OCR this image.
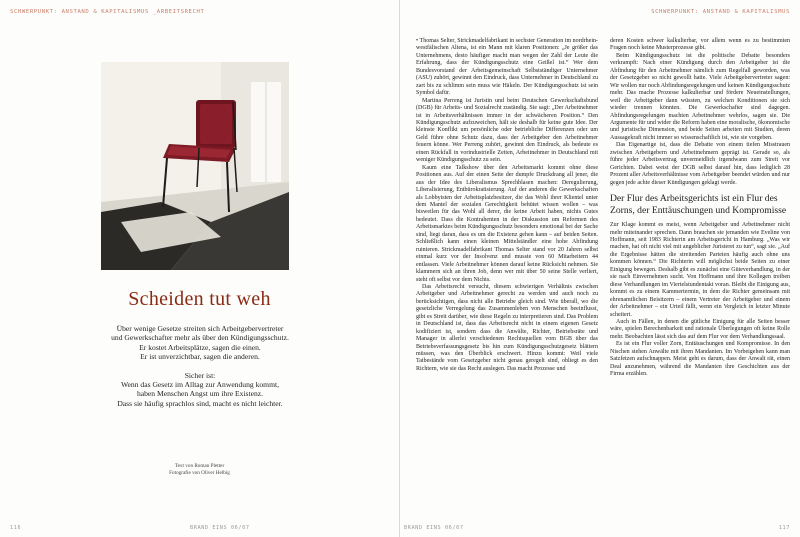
SCHWERPUNKT: ANSTAND & KAPITALISMUS _ARBEITSRECHT
Scheiden tut weh

Über wenige Gesetze streiten sich Arbeitgebervertreter

und Gewerkschafter mehr als über den Kündigungsschutz.

Er kostet Arbeitsplätze, sagen die einen.

Er ist unverzichtbar, sagen die anderen.

Sicher ist:

Wenn das Gesetz im Alltag zur Anwendung kommt,

haben Menschen Angst um ihre Existenz.

Dass sie häufig sprachlos sind, macht es nicht leichter.

Text von Roman Pletter
Fotografie von Oliver Helbig
116	BRAND EINS 06/07
SCHWERPUNKT: ANSTAND & KAPITALISMUS

• Thomas Selter, Strickmadelfabrikant in sechster Generation im nordrhein-westfälischen Altena, ist ein Mann mit klaren Positionen: „Je größer das Unternehmens, desto häufiger macht man wegen der Zahl der Leute die Erfahrung, dass der Kündigungsschutz eine Geißel ist.“ Wer dem Bundesvorstand der Arbeitsgemeinschaft Selbstständiger Unternehmer (ASU) zuhört, gewinnt den Eindruck, dass Unternehmer in Deutschland zu zart bis zu schlimm sein muss wie Häkeln. Der Kündigungsschutz ist sein Symbol dafür.

Martina Perreng ist Juristin und beim Deutschen Gewerkschaftsbund (DGB) für Arbeits- und Sozialrecht zuständig. Sie sagt: „Der Arbeitnehmer ist in Arbeitsverhältnissen immer in der schwächeren Position.“ Den Kündigungsschutz aufzuweichen, hält sie deshalb für keine gute Idee. Der kleinste Konflikt um persönliche oder betriebliche Differenzen oder um Geld führe ohne Schutz dazu, dass der Arbeitgeber den Arbeitnehmer feuern könne. Wer Perreng zuhört, gewinnt den Eindruck, als bedeute es einen Rückfall in vorindustrielle Zeiten, Arbeitnehmer in Deutschland mit weniger Kündigungsschutz zu sein.

Kaum eine Talkshow über den Arbeitsmarkt kommt ohne diese Positionen aus. Auf der einen Seite der dumpfe Druckdrang all jener, die aus der Idee des Liberalismus Sprechblasen machen: Deregulierung, Liberalisierung, Entbürokratisierung. Auf der anderen die Gewerkschaften als Lobbyisten der Arbeitsplatzbesitzer, die das Wohl ihrer Klientel unter dem Mantel der sozialen Gerechtigkeit behütet wissen wollen – was bisweilen für das Wohl all derer, die keine Arbeit haben, nichts Gutes bedeutet. Dass die Kontrahenten in der Diskussion um Reformen des Arbeitsmarktes beim Kündigungsschutz besonders emotional bei der Sache sind, liegt daran, dass es um die Existenz gehen kann – auf beiden Seiten. Schließlich kann einen kleinen Mittelständler eine hohe Abfindung ruinieren. Strickmadelfabrikant Thomas Selter stand vor 20 Jahren selbst einmal kurz vor der Insolvenz und musste von 60 Mitarbeitern 44 entlassen. Viele Arbeitnehmer können darauf keine Rücksicht nehmen. Sie klammern sich an ihren Job, denn wer mit über 50 seine Stelle verliert, steht oft selbst vor dem Nichts.

Das Arbeitsrecht versucht, diesem schwierigen Verhältnis zwischen Arbeitgeber und Arbeitnehmer gerecht zu werden und auch noch zu berücksichtigen, dass nicht alle Betriebe gleich sind. Wie überall, wo die gesetzliche Verregelung das Zusammenleben von Menschen beeinflusst, gibt es Streit darüber, wie diese Regeln zu interpretieren sind. Das Problem in Deutschland ist, dass das Arbeitsrecht nicht in einem eigenen Gesetz kodifiziert ist, sondern dass die Anwälte, Richter, Betriebsräte und Manager in allerlei verschiedenen Rechtsquellen vom BGB über das Betriebsverfassungsgesetz bis hin zum Kündigungsschutzgesetz blättern müssen, was den Überblick erschwert. Hinzu kommt: Weil viele Tatbestände vom Gesetzgeber nicht genau geregelt sind, obliegt es den Richtern, wie sie das Recht auslegen. Das macht Prozesse und

deren Kosten schwer kalkulierbar, vor allem wenn es zu bestimmten Fragen noch keine Musterprozesse gibt.

Beim Kündigungsschutz ist die politische Debatte besonders verkrampft: Nach einer Kündigung durch den Arbeitgeber ist die Abfindung für den Arbeitnehmer nämlich zum Regelfall geworden, was der Gesetzgeber so nicht gewollt hatte. Viele Arbeitgebervertreter sagen: Wir wollen nur noch Abfindungsregelungen und keinen Kündigungsschutz mehr. Das mache Prozesse kalkulierbar und fördere Neueinstellungen, weil die Arbeitgeber dann wüssten, zu welchen Konditionen sie sich wieder trennen könnten. Die Gewerkschafter sind dagegen. Abfindungsregelungen machten Arbeitnehmer wehrlos, sagen sie. Die Argumente für und wider die Reform haben eine moralische, ökonomische und juristische Dimension, und beide Seiten arbeiten mit Studien, deren Aussagekraft nicht immer so wissenschaftlich ist, wie sie vorgeben.

Das Eigenartige ist, dass die Debatte von einem tiefen Misstrauen zwischen Arbeitgebern und Arbeitnehmern geprägt ist. Gerade so, als führe jeder Arbeitsvertrag unvermeidlich irgendwann zum Streit vor Gerichten. Dabei weist der DGB selbst darauf hin, dass lediglich 28 Prozent aller Arbeitsverhältnisse vom Arbeitgeber beendet würden und nur gegen jede achte dieser Kündigungen geklagt werde.

Der Flur des Arbeitsgerichts ist ein Flur des Zorns, der Enttäuschungen und Kompromisse

Zur Klage kommt es meist, wenn Arbeitgeber und Arbeitnehmer nicht mehr miteinander sprechen. Dann brauchen sie jemanden wie Eveline von Hoffmann, seit 1983 Richterin am Arbeitsgericht in Hamburg. „Was wir machen, hat oft nicht viel mit angeblicher Juristerei zu tun“, sagt sie. „Auf die Ergebnisse hätten die streitenden Parteien häufig auch ohne uns kommen können.“ Die Richterin will möglichst beide Seiten zu einer Einigung bewegen. Deshalb gibt es zunächst eine Güteverhandlung, in der sie nach Einvernehmen sucht. Von Hoffmann und ihre Kollegen treiben diese Verhandlungen im Viertelstundentakt voran. Bleibt die Einigung aus, kommt es zu einem Kammertermin, in dem die Richter gemeinsam mit ehrenamtlichen Beisitzern – einem Vertreter der Arbeitgeber und einem der Arbeitnehmer – ein Urteil fällt, wenn ein Vergleich in letzter Minute scheitert.

Auch in Fällen, in denen die gütliche Einigung für alle Seiten besser wäre, spielen Berechenbarkeit und rationale Überlegungen oft keine Rolle mehr. Beobachten lässt sich das auf dem Flur vor dem Verhandlungssaal.

Es ist ein Flur voller Zorn, Enttäuschungen und Kompromisse. In den Nischen stehen Anwälte mit ihren Mandanten. Im Vorbeigehen kann man Satzfetzen aufschnappen. Meist geht es darum, dass der Anwalt rät, einen Deal anzunehmen, während die Mandanten ihre Geschichten aus der Firma erzählen.

BRAND EINS 06/07	117
